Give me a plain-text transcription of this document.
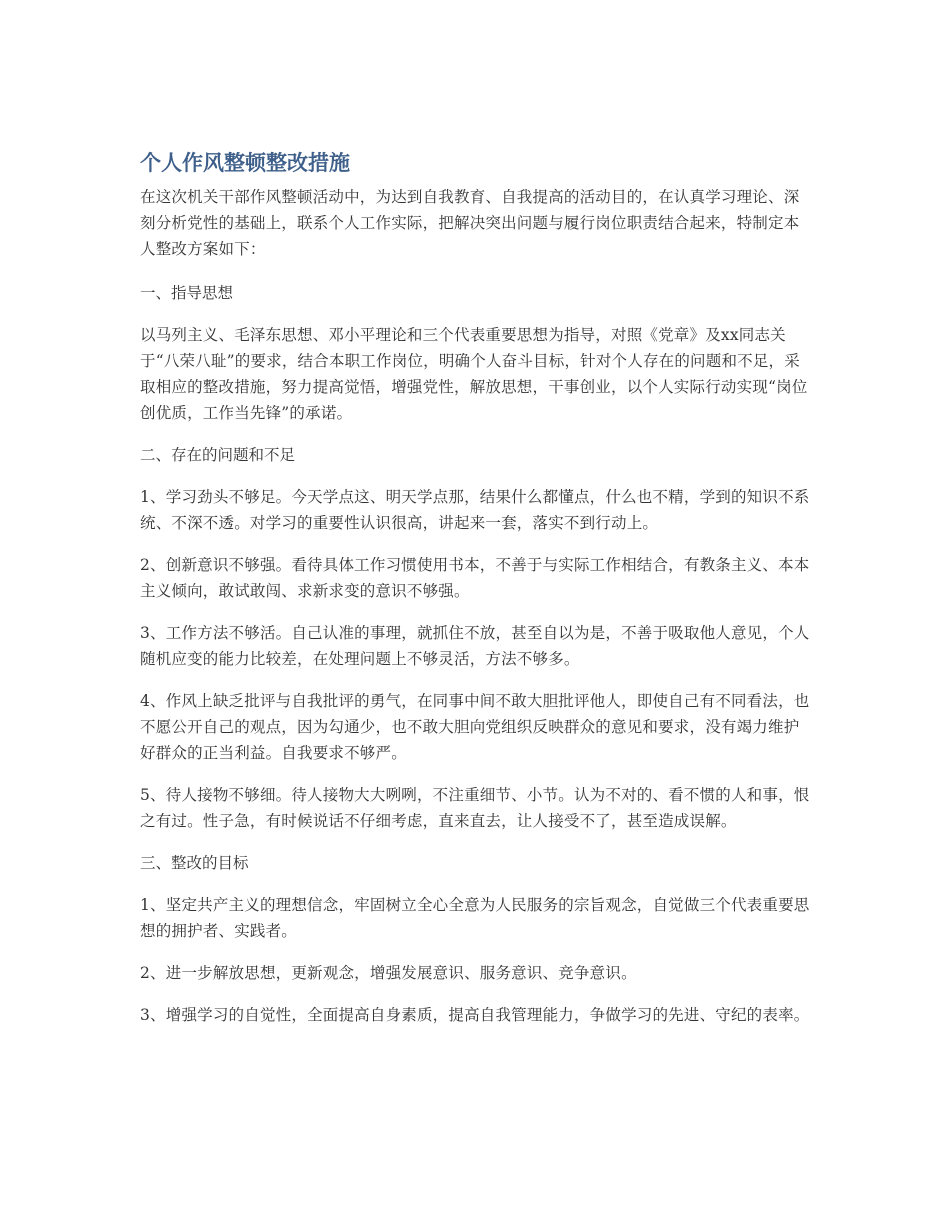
个人作风整顿整改措施

在这次机关干部作风整顿活动中，为达到自我教育、自我提高的活动目的，在认真学习理论、深刻分析党性的基础上，联系个人工作实际，把解决突出问题与履行岗位职责结合起来，特制定本人整改方案如下：

一、指导思想

以马列主义、毛泽东思想、邓小平理论和三个代表重要思想为指导，对照《党章》及xx同志关于“八荣八耻”的要求，结合本职工作岗位，明确个人奋斗目标，针对个人存在的问题和不足，采取相应的整改措施，努力提高觉悟，增强党性，解放思想，干事创业，以个人实际行动实现“岗位创优质，工作当先锋”的承诺。

二、存在的问题和不足

1、学习劲头不够足。今天学点这、明天学点那，结果什么都懂点，什么也不精，学到的知识不系统、不深不透。对学习的重要性认识很高，讲起来一套，落实不到行动上。

2、创新意识不够强。看待具体工作习惯使用书本，不善于与实际工作相结合，有教条主义、本本主义倾向，敢试敢闯、求新求变的意识不够强。

3、工作方法不够活。自己认准的事理，就抓住不放，甚至自以为是，不善于吸取他人意见，个人随机应变的能力比较差，在处理问题上不够灵活，方法不够多。

4、作风上缺乏批评与自我批评的勇气，在同事中间不敢大胆批评他人，即使自己有不同看法，也不愿公开自己的观点，因为勾通少，也不敢大胆向党组织反映群众的意见和要求，没有竭力维护好群众的正当利益。自我要求不够严。

5、待人接物不够细。待人接物大大咧咧，不注重细节、小节。认为不对的、看不惯的人和事，恨之有过。性子急，有时候说话不仔细考虑，直来直去，让人接受不了，甚至造成误解。

三、整改的目标

1、坚定共产主义的理想信念，牢固树立全心全意为人民服务的宗旨观念，自觉做三个代表重要思想的拥护者、实践者。

2、进一步解放思想，更新观念，增强发展意识、服务意识、竞争意识。

3、增强学习的自觉性，全面提高自身素质，提高自我管理能力，争做学习的先进、守纪的表率。
